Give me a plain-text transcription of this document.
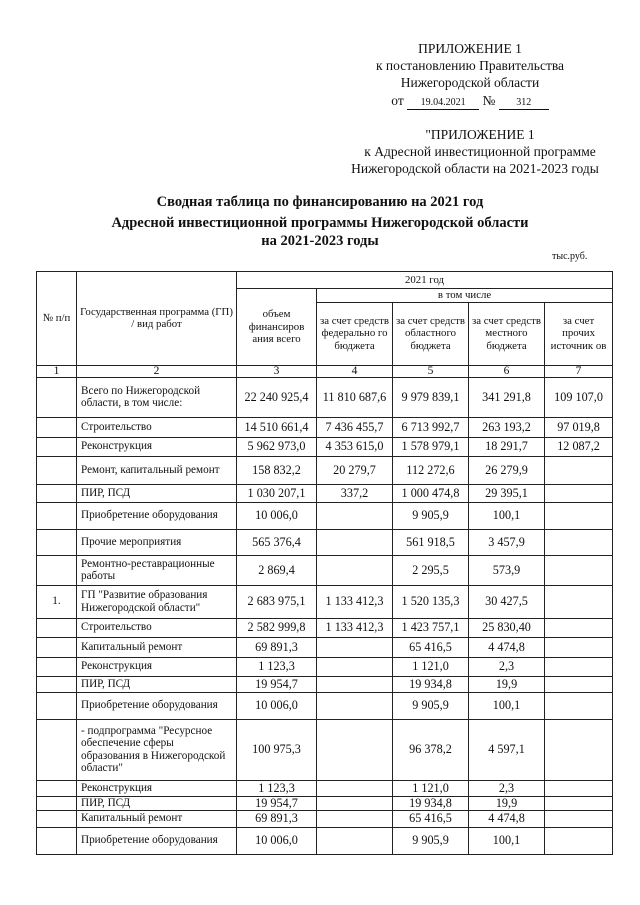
ПРИЛОЖЕНИЕ 1
к постановлению Правительства
Нижегородской области
от 19.04.2021 № 312
"ПРИЛОЖЕНИЕ 1
к Адресной инвестиционной программе
Нижегородской области на 2021-2023 годы
Сводная таблица по финансированию на 2021 год
Адресной инвестиционной программы Нижегородской области
на 2021-2023 годы
тыс.руб.
№ п/п	Государственная программа (ГП) / вид работ	2021 год				
		объем финансиров ания всего	в том числе			
			за счет средств федерально го бюджета	за счет средств областного бюджета	за счет средств местного бюджета	за счет прочих источник ов
1	2	3	4	5	6	7
	Всего по Нижегородской области, в том числе:	22 240 925,4	11 810 687,6	9 979 839,1	341 291,8	109 107,0
	Строительство	14 510 661,4	7 436 455,7	6 713 992,7	263 193,2	97 019,8
	Реконструкция	5 962 973,0	4 353 615,0	1 578 979,1	18 291,7	12 087,2
	Ремонт, капитальный ремонт	158 832,2	20 279,7	112 272,6	26 279,9	
	ПИР, ПСД	1 030 207,1	337,2	1 000 474,8	29 395,1	
	Приобретение оборудования	10 006,0		9 905,9	100,1	
	Прочие мероприятия	565 376,4		561 918,5	3 457,9	
	Ремонтно-реставрационные работы	2 869,4		2 295,5	573,9	
1.	ГП "Развитие образования Нижегородской области"	2 683 975,1	1 133 412,3	1 520 135,3	30 427,5	
	Строительство	2 582 999,8	1 133 412,3	1 423 757,1	25 830,40	
	Капитальный ремонт	69 891,3		65 416,5	4 474,8	
	Реконструкция	1 123,3		1 121,0	2,3	
	ПИР, ПСД	19 954,7		19 934,8	19,9	
	Приобретение оборудования	10 006,0		9 905,9	100,1	
	- подпрограмма "Ресурсное обеспечение сферы образования в Нижегородской области"	100 975,3		96 378,2	4 597,1	
	Реконструкция	1 123,3		1 121,0	2,3	
	ПИР, ПСД	19 954,7		19 934,8	19,9	
	Капитальный ремонт	69 891,3		65 416,5	4 474,8	
	Приобретение оборудования	10 006,0		9 905,9	100,1	
